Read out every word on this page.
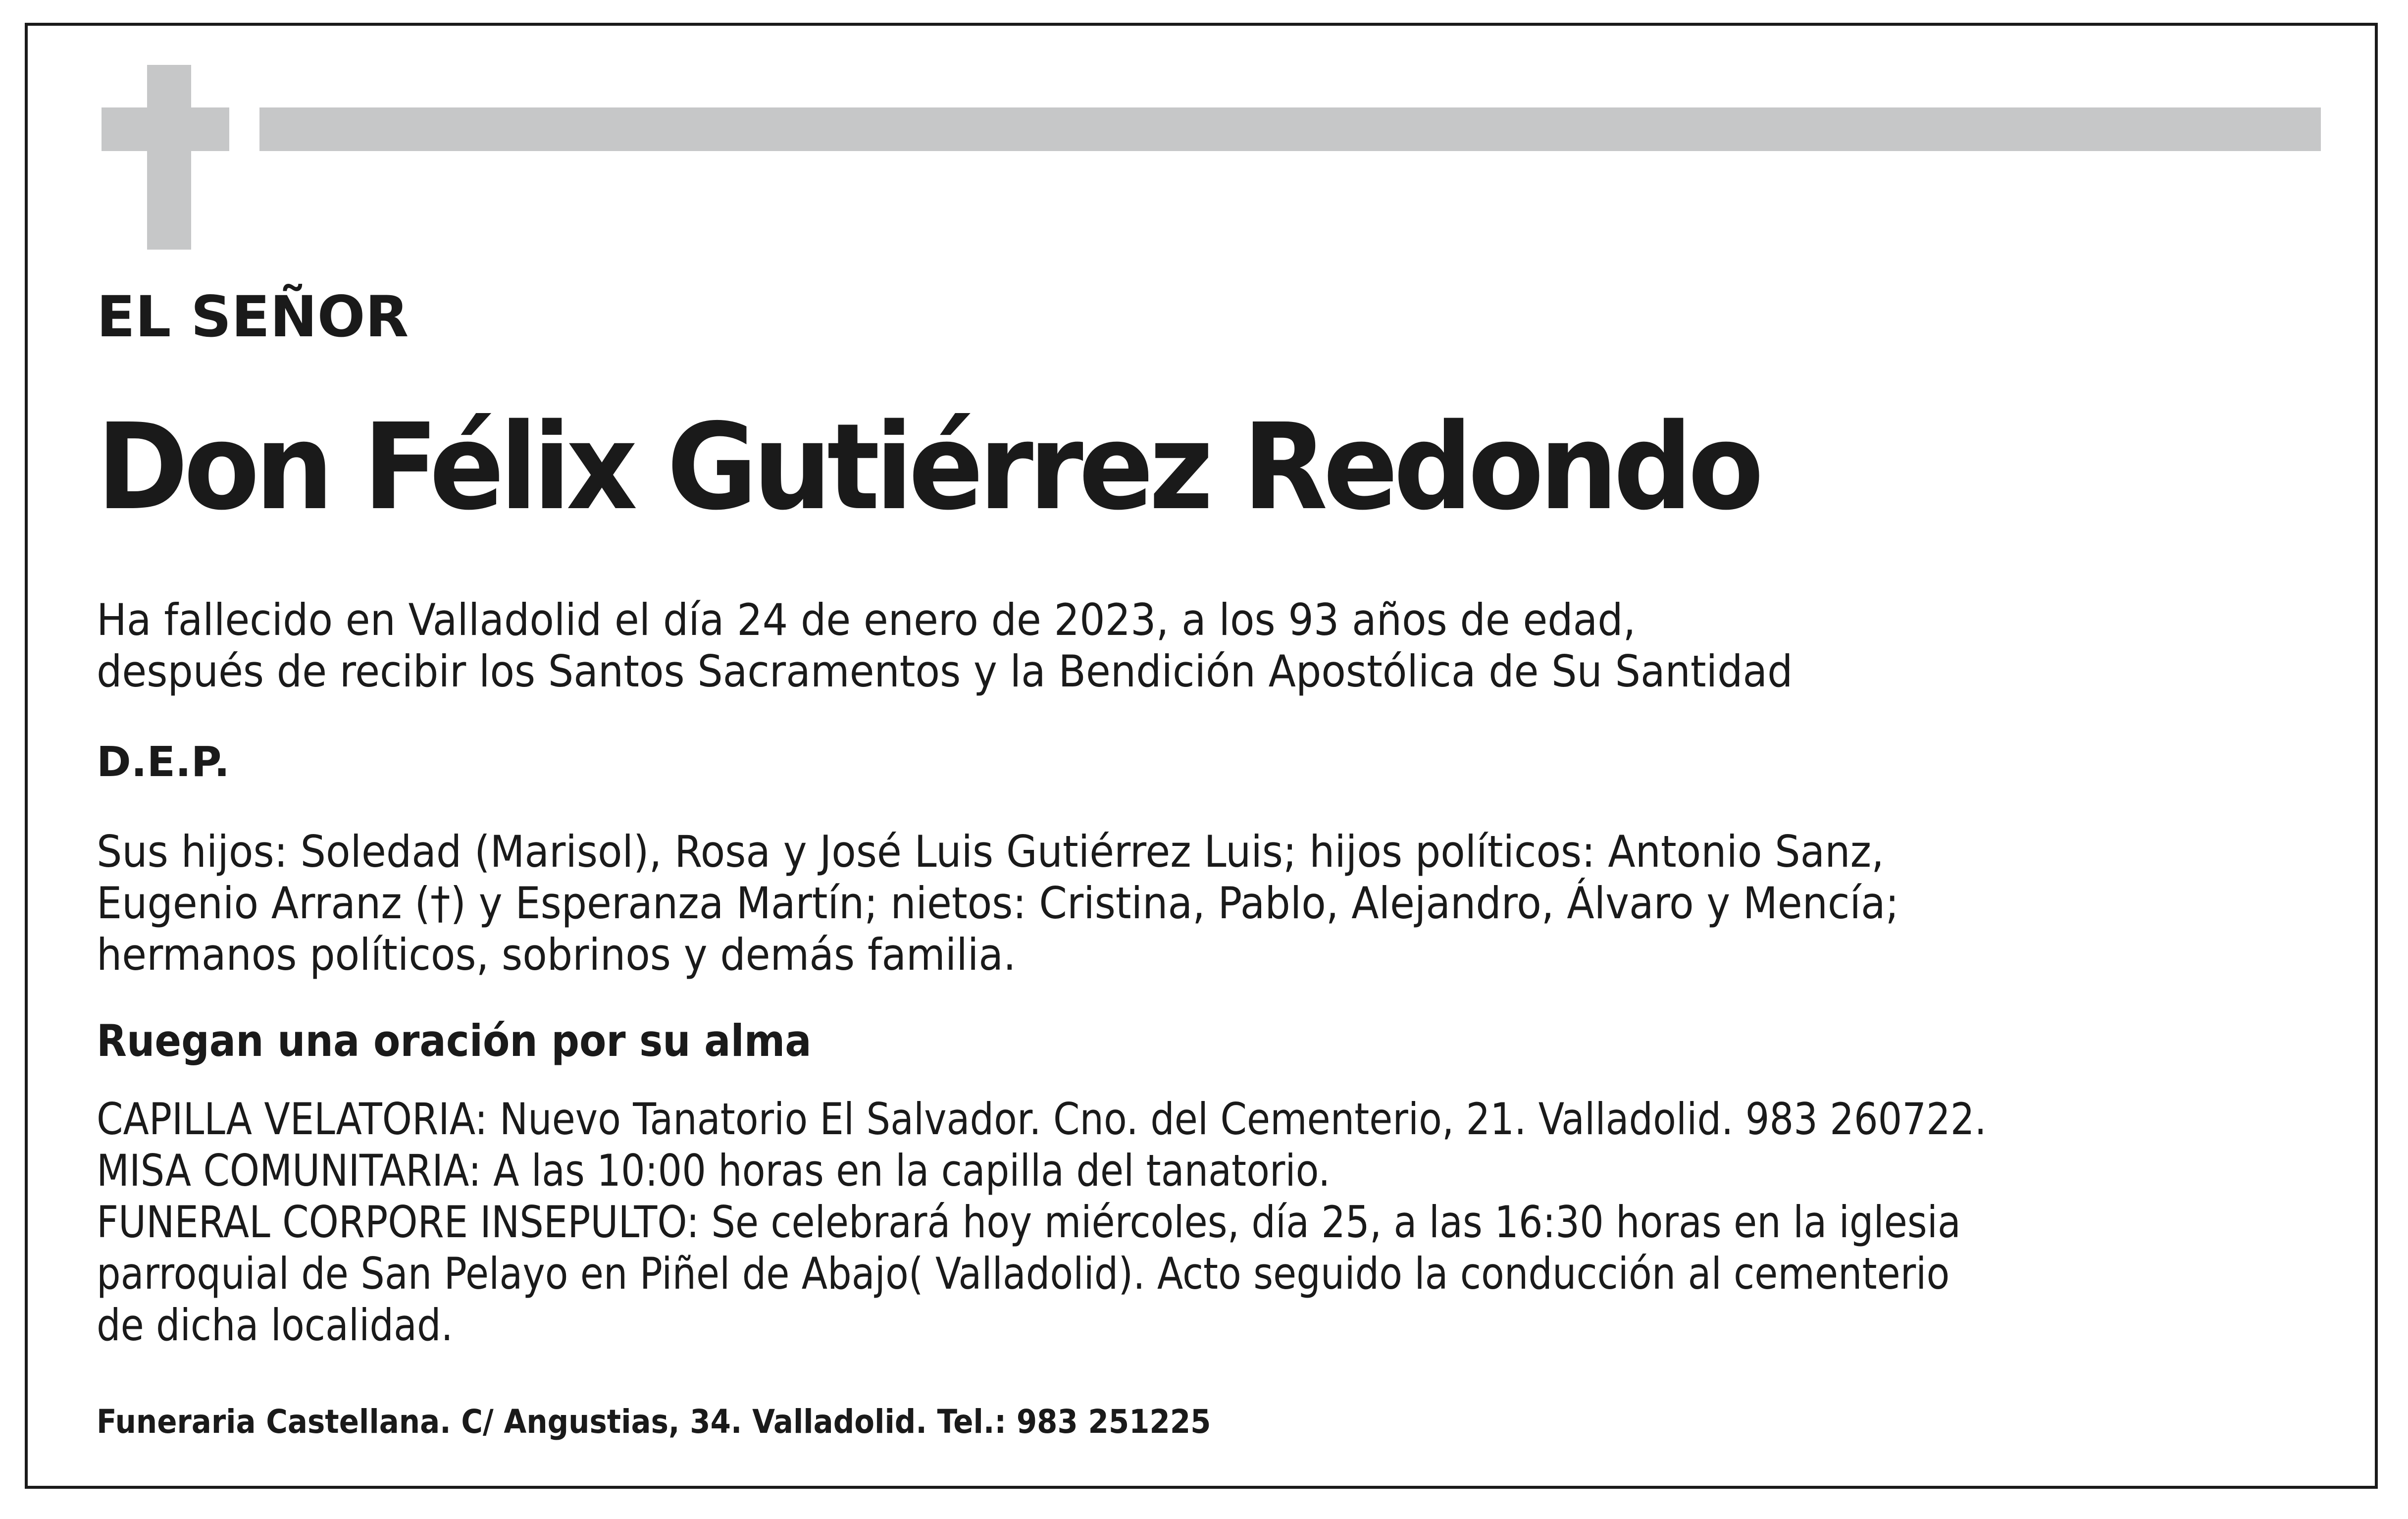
EL SEÑOR

Don Félix Gutiérrez Redondo

Ha fallecido en Valladolid el día 24 de enero de 2023, a los 93 años de edad,
después de recibir los Santos Sacramentos y la Bendición Apostólica de Su Santidad

D.E.P.

Sus hijos: Soledad (Marisol), Rosa y José Luis Gutiérrez Luis; hijos políticos: Antonio Sanz,
Eugenio Arranz (†) y Esperanza Martín; nietos: Cristina, Pablo, Alejandro, Álvaro y Mencía;
hermanos políticos, sobrinos y demás familia.

Ruegan una oración por su alma

CAPILLA VELATORIA: Nuevo Tanatorio El Salvador. Cno. del Cementerio, 21. Valladolid. 983 260722.
MISA COMUNITARIA: A las 10:00 horas en la capilla del tanatorio.
FUNERAL CORPORE INSEPULTO: Se celebrará hoy miércoles, día 25, a las 16:30 horas en la iglesia
parroquial de San Pelayo en Piñel de Abajo( Valladolid). Acto seguido la conducción al cementerio
de dicha localidad.

Funeraria Castellana. C/ Angustias, 34. Valladolid. Tel.: 983 251225
